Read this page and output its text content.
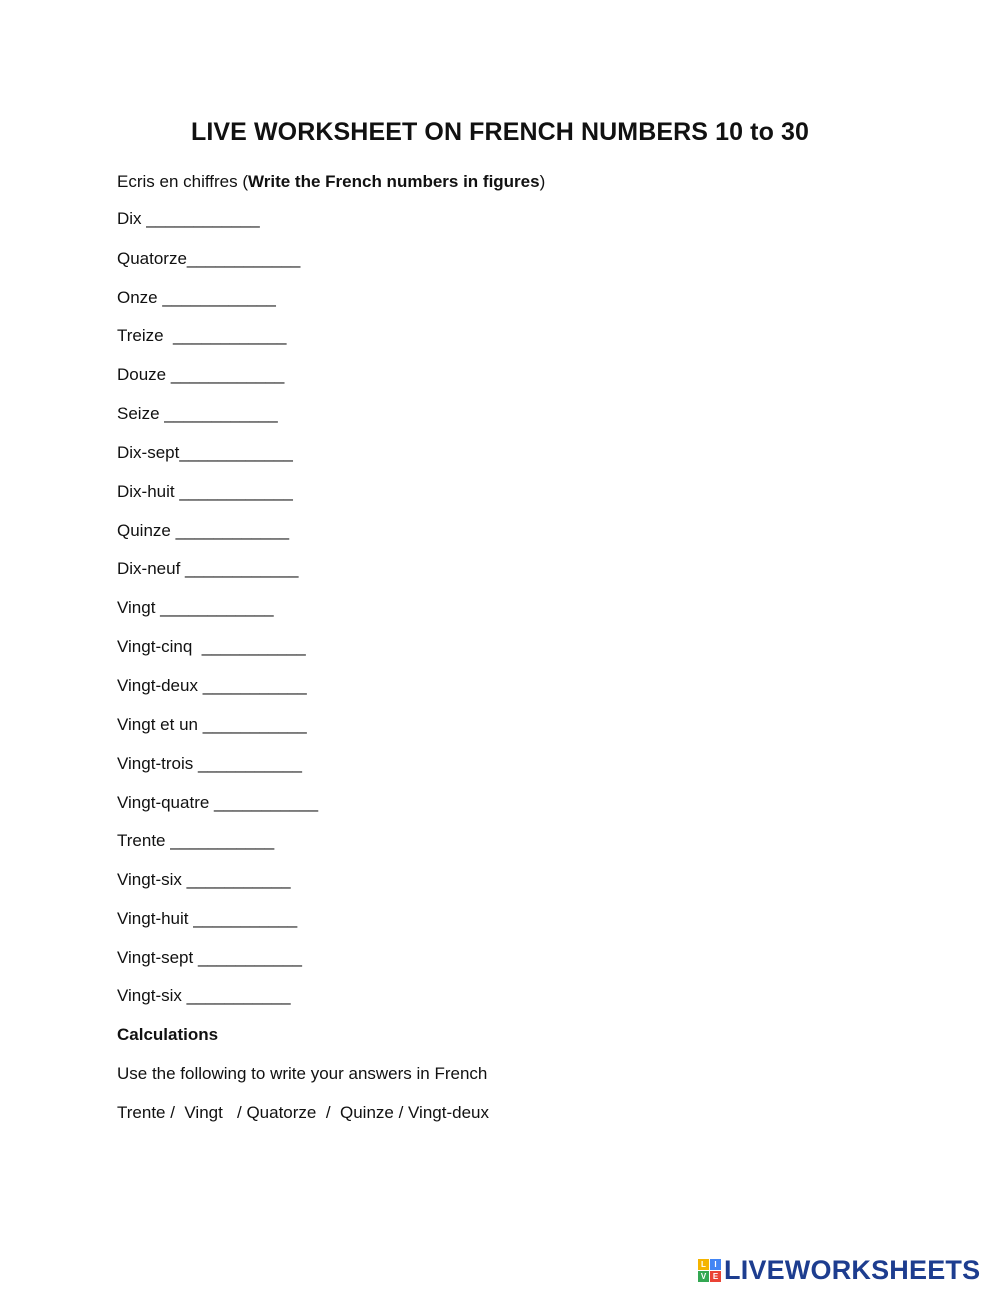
LIVE WORKSHEET ON FRENCH NUMBERS 10 to 30
Ecris en chiffres (Write the French numbers in figures)
Dix ____________
Quatorze____________
Onze ____________
Treize  ____________
Douze ____________
Seize ____________
Dix-sept____________
Dix-huit ____________
Quinze ____________
Dix-neuf ____________
Vingt ____________
Vingt-cinq  ___________
Vingt-deux ___________
Vingt et un ___________
Vingt-trois ___________
Vingt-quatre ___________
Trente ___________
Vingt-six ___________
Vingt-huit ___________
Vingt-sept ___________
Vingt-six ___________
Calculations
Use the following to write your answers in French
Trente /  Vingt   / Quatorze  /  Quinze / Vingt-deux
L	I
V E LIVEWORKSHEETS
